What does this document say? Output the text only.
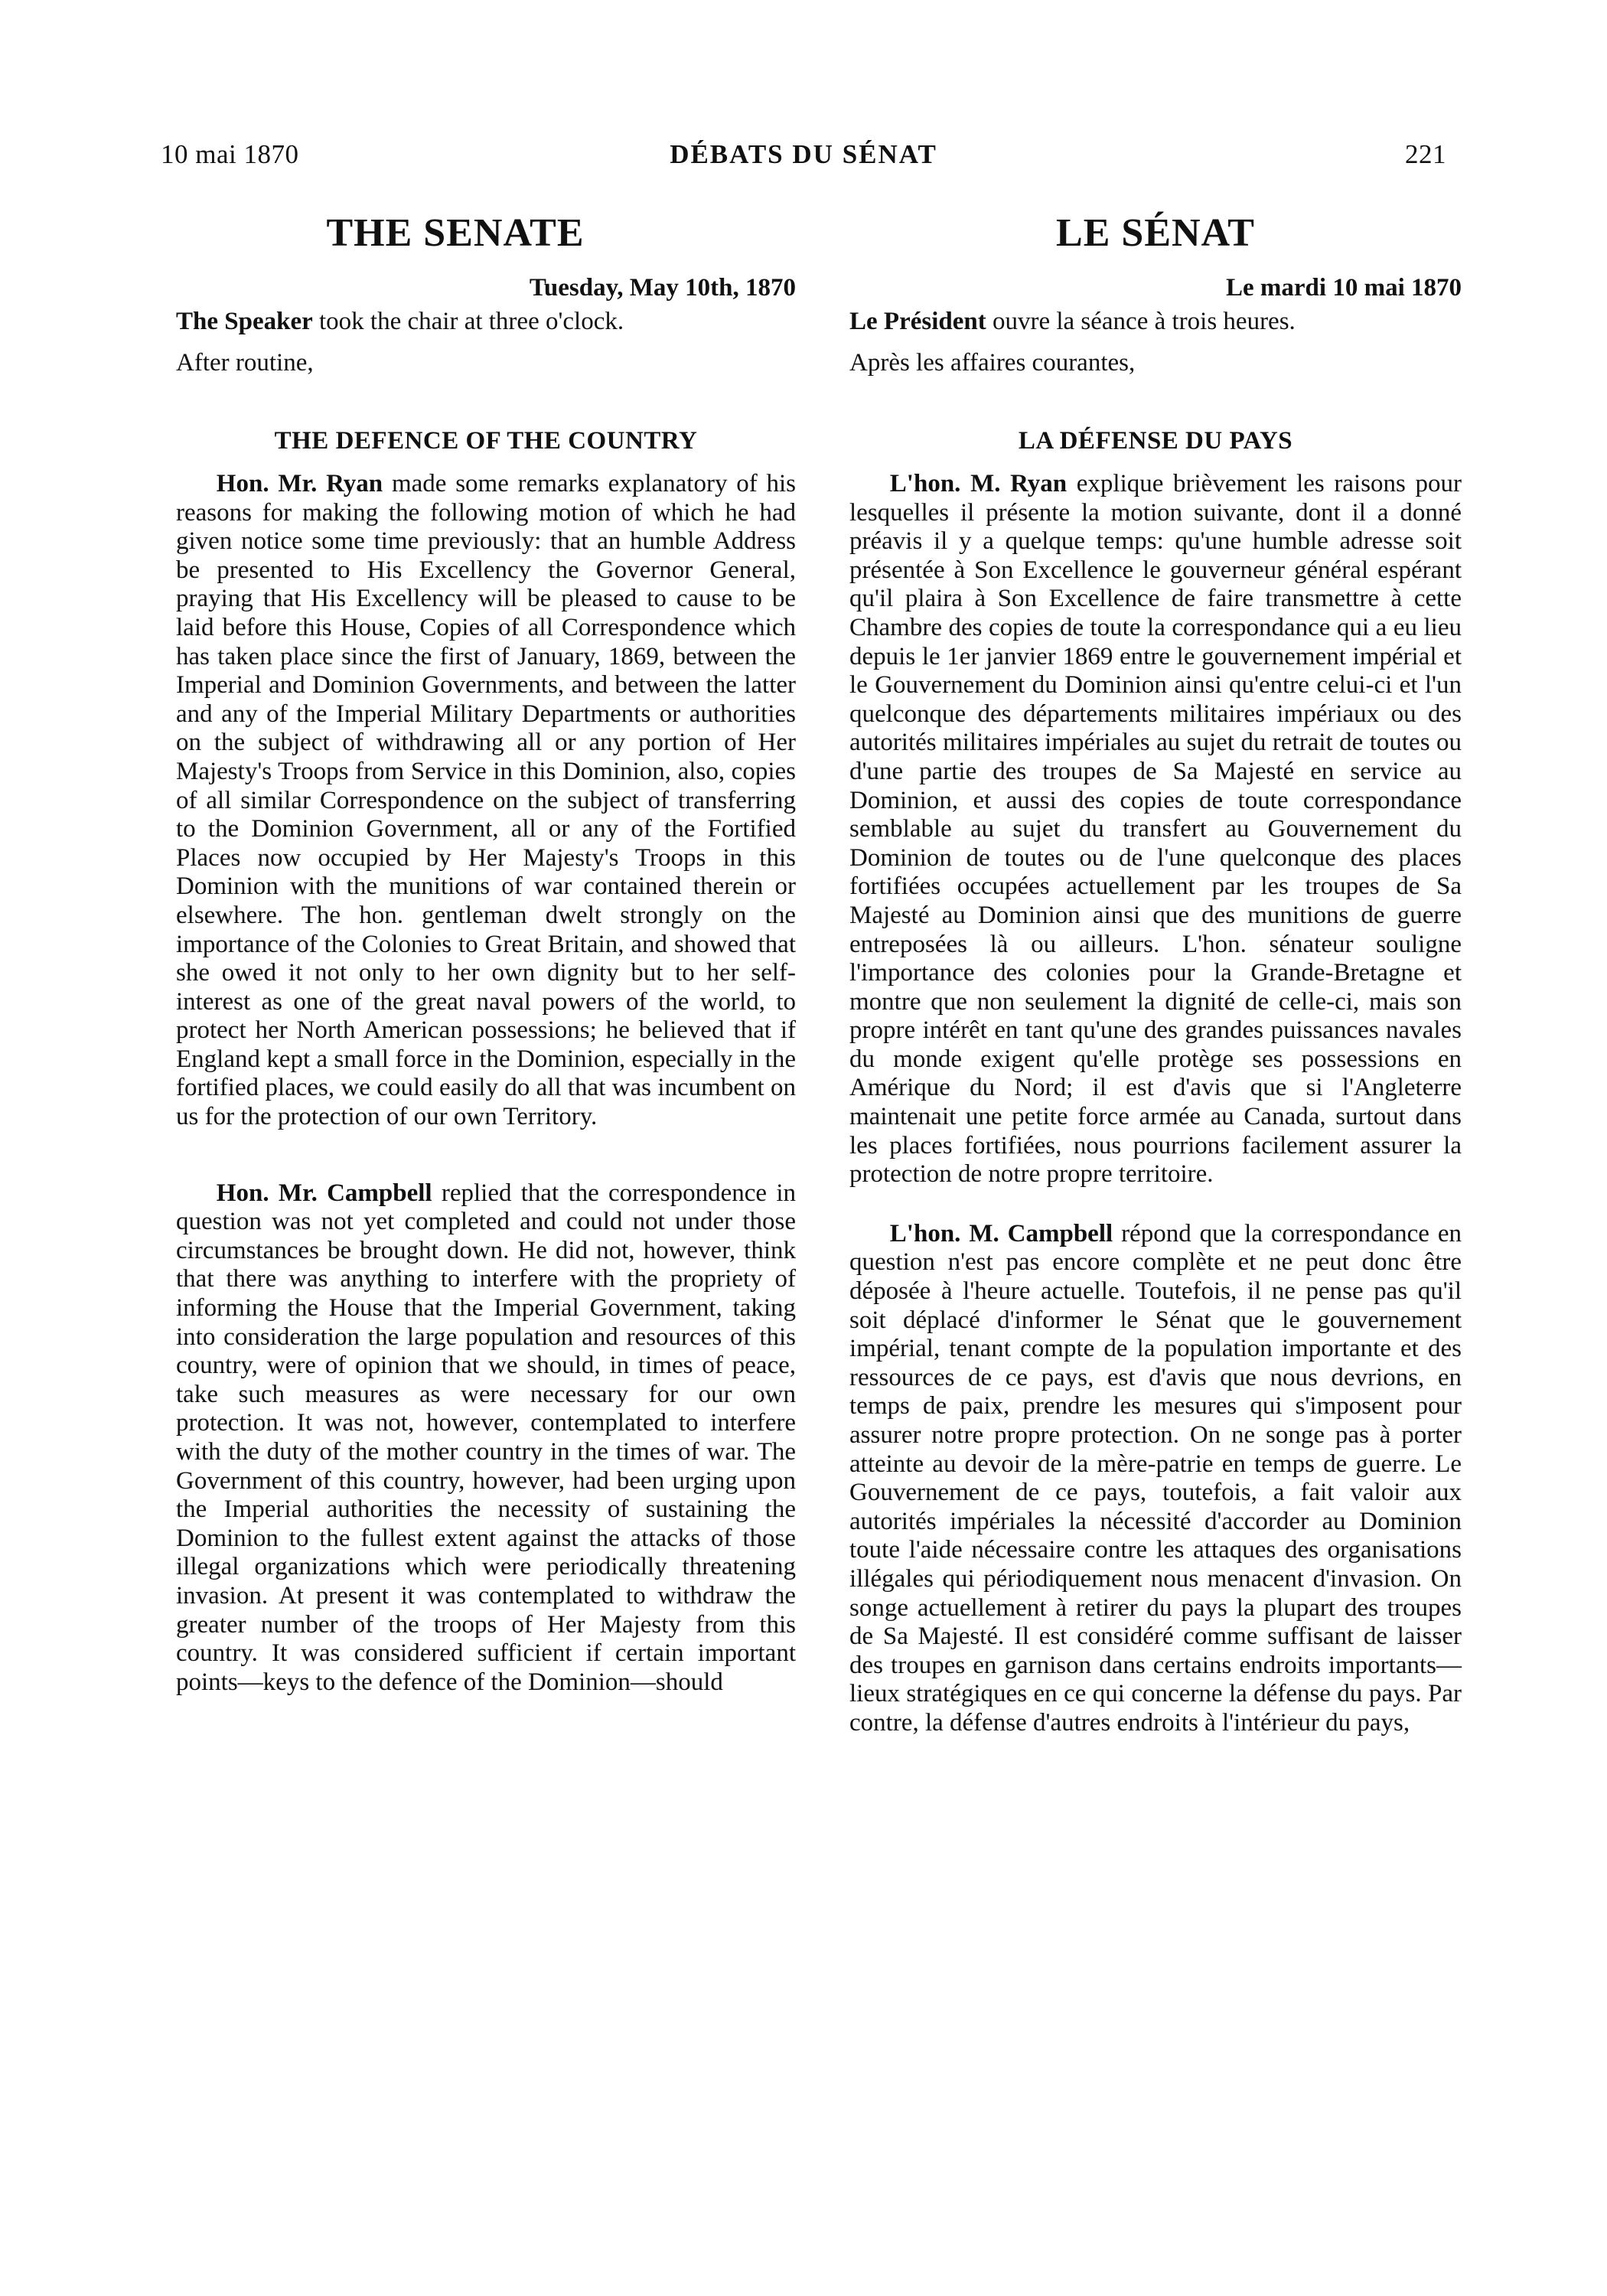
10 mai 1870	DÉBATS DU SÉNAT	221
THE SENATE
Tuesday, May 10th, 1870
The Speaker took the chair at three o'clock.
After routine,
THE DEFENCE OF THE COUNTRY

Hon. Mr. Ryan made some remarks explanatory of his reasons for making the following motion of which he had given notice some time previously: that an humble Address be presented to His Excellency the Governor General, praying that His Excellency will be pleased to cause to be laid before this House, Copies of all Correspondence which has taken place since the first of January, 1869, between the Imperial and Dominion Governments, and between the latter and any of the Imperial Military Departments or authorities on the subject of withdrawing all or any portion of Her Majesty's Troops from Service in this Dominion, also, copies of all similar Correspondence on the subject of transferring to the Dominion Government, all or any of the Fortified Places now occupied by Her Majesty's Troops in this Dominion with the munitions of war contained therein or elsewhere. The hon. gentleman dwelt strongly on the importance of the Colonies to Great Britain, and showed that she owed it not only to her own dignity but to her self-interest as one of the great naval powers of the world, to protect her North American possessions; he believed that if England kept a small force in the Dominion, especially in the fortified places, we could easily do all that was incumbent on us for the protection of our own Territory.

Hon. Mr. Campbell replied that the correspondence in question was not yet completed and could not under those circumstances be brought down. He did not, however, think that there was anything to interfere with the propriety of informing the House that the Imperial Government, taking into consideration the large population and resources of this country, were of opinion that we should, in times of peace, take such measures as were necessary for our own protection. It was not, however, contemplated to interfere with the duty of the mother country in the times of war. The Government of this country, however, had been urging upon the Imperial authorities the necessity of sustaining the Dominion to the fullest extent against the attacks of those illegal organizations which were periodically threatening invasion. At present it was contemplated to withdraw the greater number of the troops of Her Majesty from this country. It was considered sufficient if certain important points—keys to the defence of the Dominion—should

LE SÉNAT
Le mardi 10 mai 1870
Le Président ouvre la séance à trois heures.
Après les affaires courantes,
LA DÉFENSE DU PAYS

L'hon. M. Ryan explique brièvement les raisons pour lesquelles il présente la motion suivante, dont il a donné préavis il y a quelque temps: qu'une humble adresse soit présentée à Son Excellence le gouverneur général espérant qu'il plaira à Son Excellence de faire transmettre à cette Chambre des copies de toute la correspondance qui a eu lieu depuis le 1er janvier 1869 entre le gouvernement impérial et le Gouvernement du Dominion ainsi qu'entre celui-ci et l'un quelconque des départements militaires impériaux ou des autorités militaires impériales au sujet du retrait de toutes ou d'une partie des troupes de Sa Majesté en service au Dominion, et aussi des copies de toute correspondance semblable au sujet du transfert au Gouvernement du Dominion de toutes ou de l'une quelconque des places fortifiées occupées actuellement par les troupes de Sa Majesté au Dominion ainsi que des munitions de guerre entreposées là ou ailleurs. L'hon. sénateur souligne l'importance des colonies pour la Grande-Bretagne et montre que non seulement la dignité de celle-ci, mais son propre intérêt en tant qu'une des grandes puissances navales du monde exigent qu'elle protège ses possessions en Amérique du Nord; il est d'avis que si l'Angleterre maintenait une petite force armée au Canada, surtout dans les places fortifiées, nous pourrions facilement assurer la protection de notre propre territoire.

L'hon. M. Campbell répond que la correspondance en question n'est pas encore complète et ne peut donc être déposée à l'heure actuelle. Toutefois, il ne pense pas qu'il soit déplacé d'informer le Sénat que le gouvernement impérial, tenant compte de la population importante et des ressources de ce pays, est d'avis que nous devrions, en temps de paix, prendre les mesures qui s'imposent pour assurer notre propre protection. On ne songe pas à porter atteinte au devoir de la mère-patrie en temps de guerre. Le Gouvernement de ce pays, toutefois, a fait valoir aux autorités impériales la nécessité d'accorder au Dominion toute l'aide nécessaire contre les attaques des organisations illégales qui périodiquement nous menacent d'invasion. On songe actuellement à retirer du pays la plupart des troupes de Sa Majesté. Il est considéré comme suffisant de laisser des troupes en garnison dans certains endroits importants—lieux stratégiques en ce qui concerne la défense du pays. Par contre, la défense d'autres endroits à l'intérieur du pays,
